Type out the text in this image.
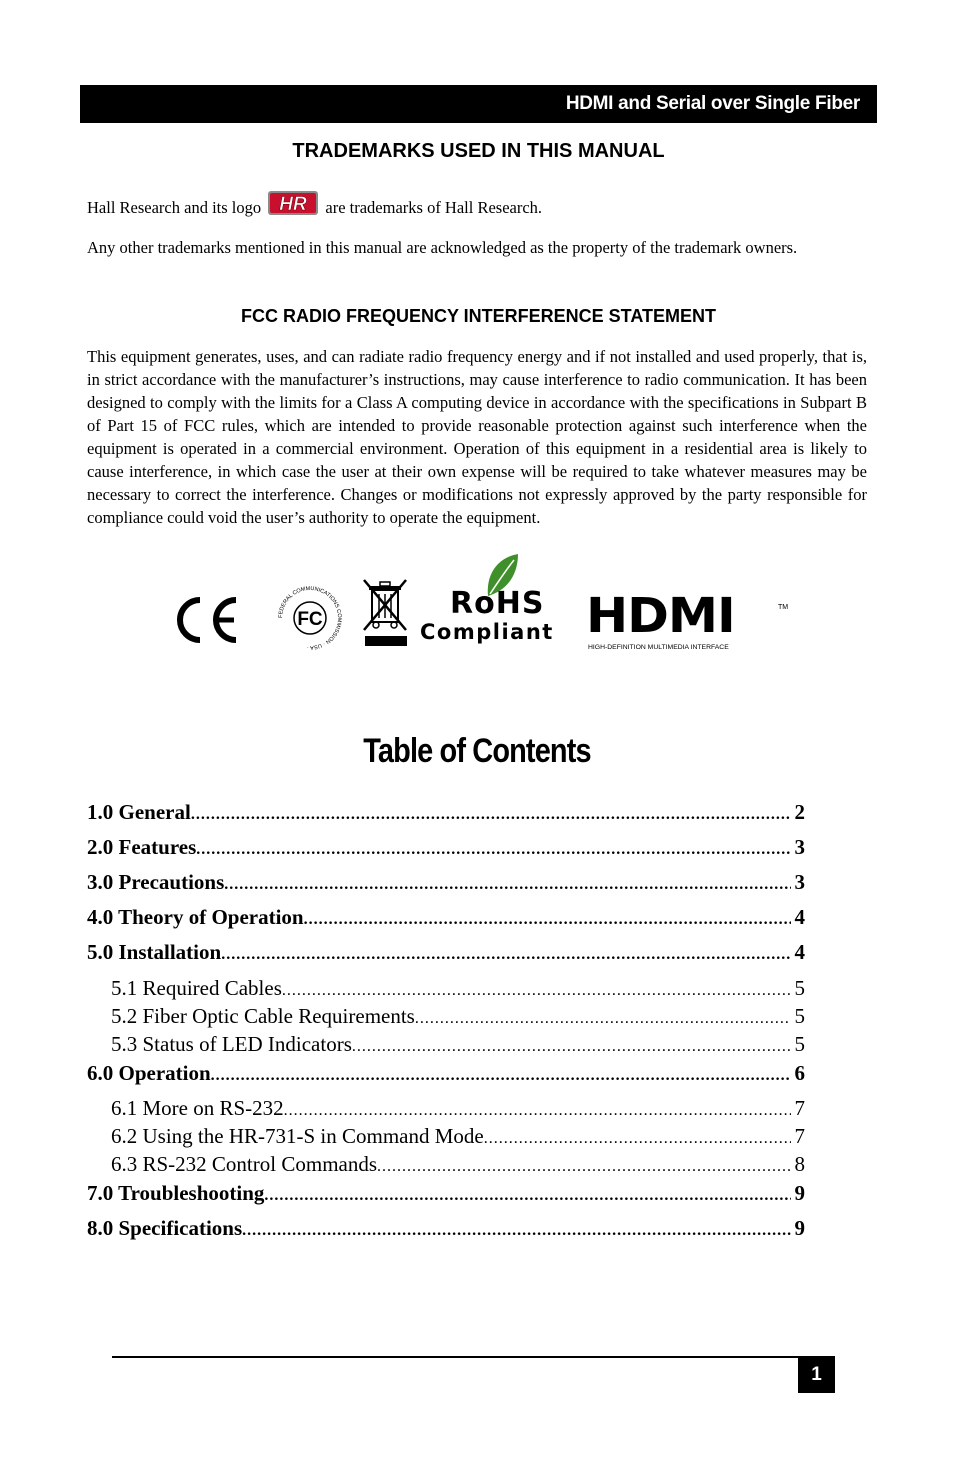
HDMI and Serial over Single Fiber
TRADEMARKS USED IN THIS MANUAL
Hall Research and its logo HR are trademarks of Hall Research.
Any other trademarks mentioned in this manual are acknowledged as the property of the trademark owners.
FCC RADIO FREQUENCY INTERFERENCE STATEMENT
This equipment generates, uses, and can radiate radio frequency energy and if not installed and used properly, that is, in strict accordance with the manufacturer’s instructions, may cause interference to radio communication. It has been designed to comply with the limits for a Class A computing device in accordance with the specifications in Subpart B of Part 15 of FCC rules, which are intended to provide reasonable protection against such interference when the equipment is operated in a commercial environment. Operation of this equipment in a residential area is likely to cause interference, in which case the user at their own expense will be required to take whatever measures may be necessary to correct the interference. Changes or modifications not expressly approved by the party responsible for compliance could void the user’s authority to operate the equipment.
FEDERAL COMMUNICATIONS COMMISSION · USA ·
FC	RoHS
Compliant HDMI	TM
HIGH-DEFINITION MULTIMEDIA INTERFACE
Table of Contents
1.0 General .....	2
2.0 Features .....	3
3.0 Precautions .....	3
4.0 Theory of Operation .....	4
5.0 Installation .....	4
5.1 Required Cables .....	5
5.2 Fiber Optic Cable Requirements .....	5
5.3 Status of LED Indicators .....	5
6.0 Operation .....	6
6.1 More on RS-232 .....	7
6.2 Using the HR-731-S in Command Mode .....	7
6.3 RS-232 Control Commands .....	8
7.0 Troubleshooting .....	9
8.0 Specifications .....	9
1
